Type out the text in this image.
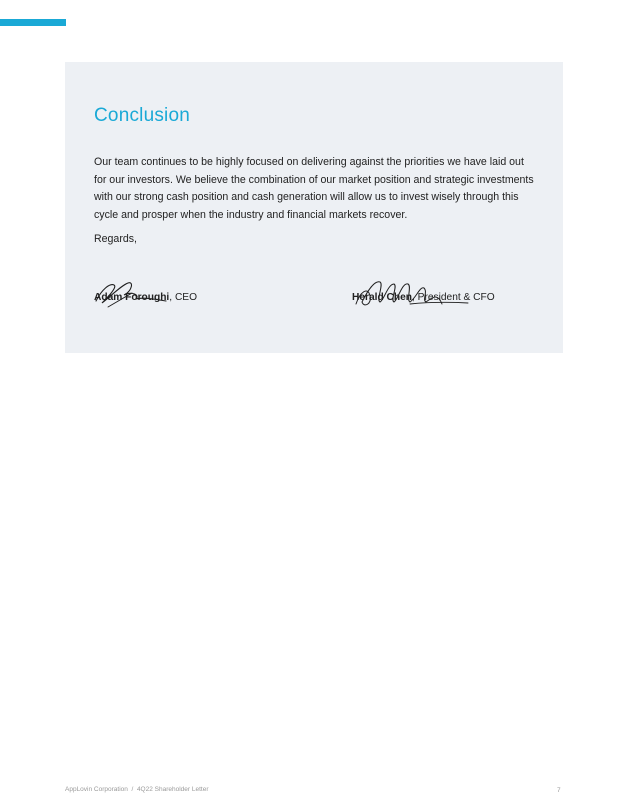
Conclusion

Our team continues to be highly focused on delivering against the priorities we have laid out for our investors. We believe the combination of our market position and strategic investments with our strong cash position and cash generation will allow us to invest wisely through this cycle and prosper when the industry and financial markets recover.

Regards,

Adam Foroughi, CEO	Herald Chen, President & CFO
AppLovin Corporation / 4Q22 Shareholder Letter	7
